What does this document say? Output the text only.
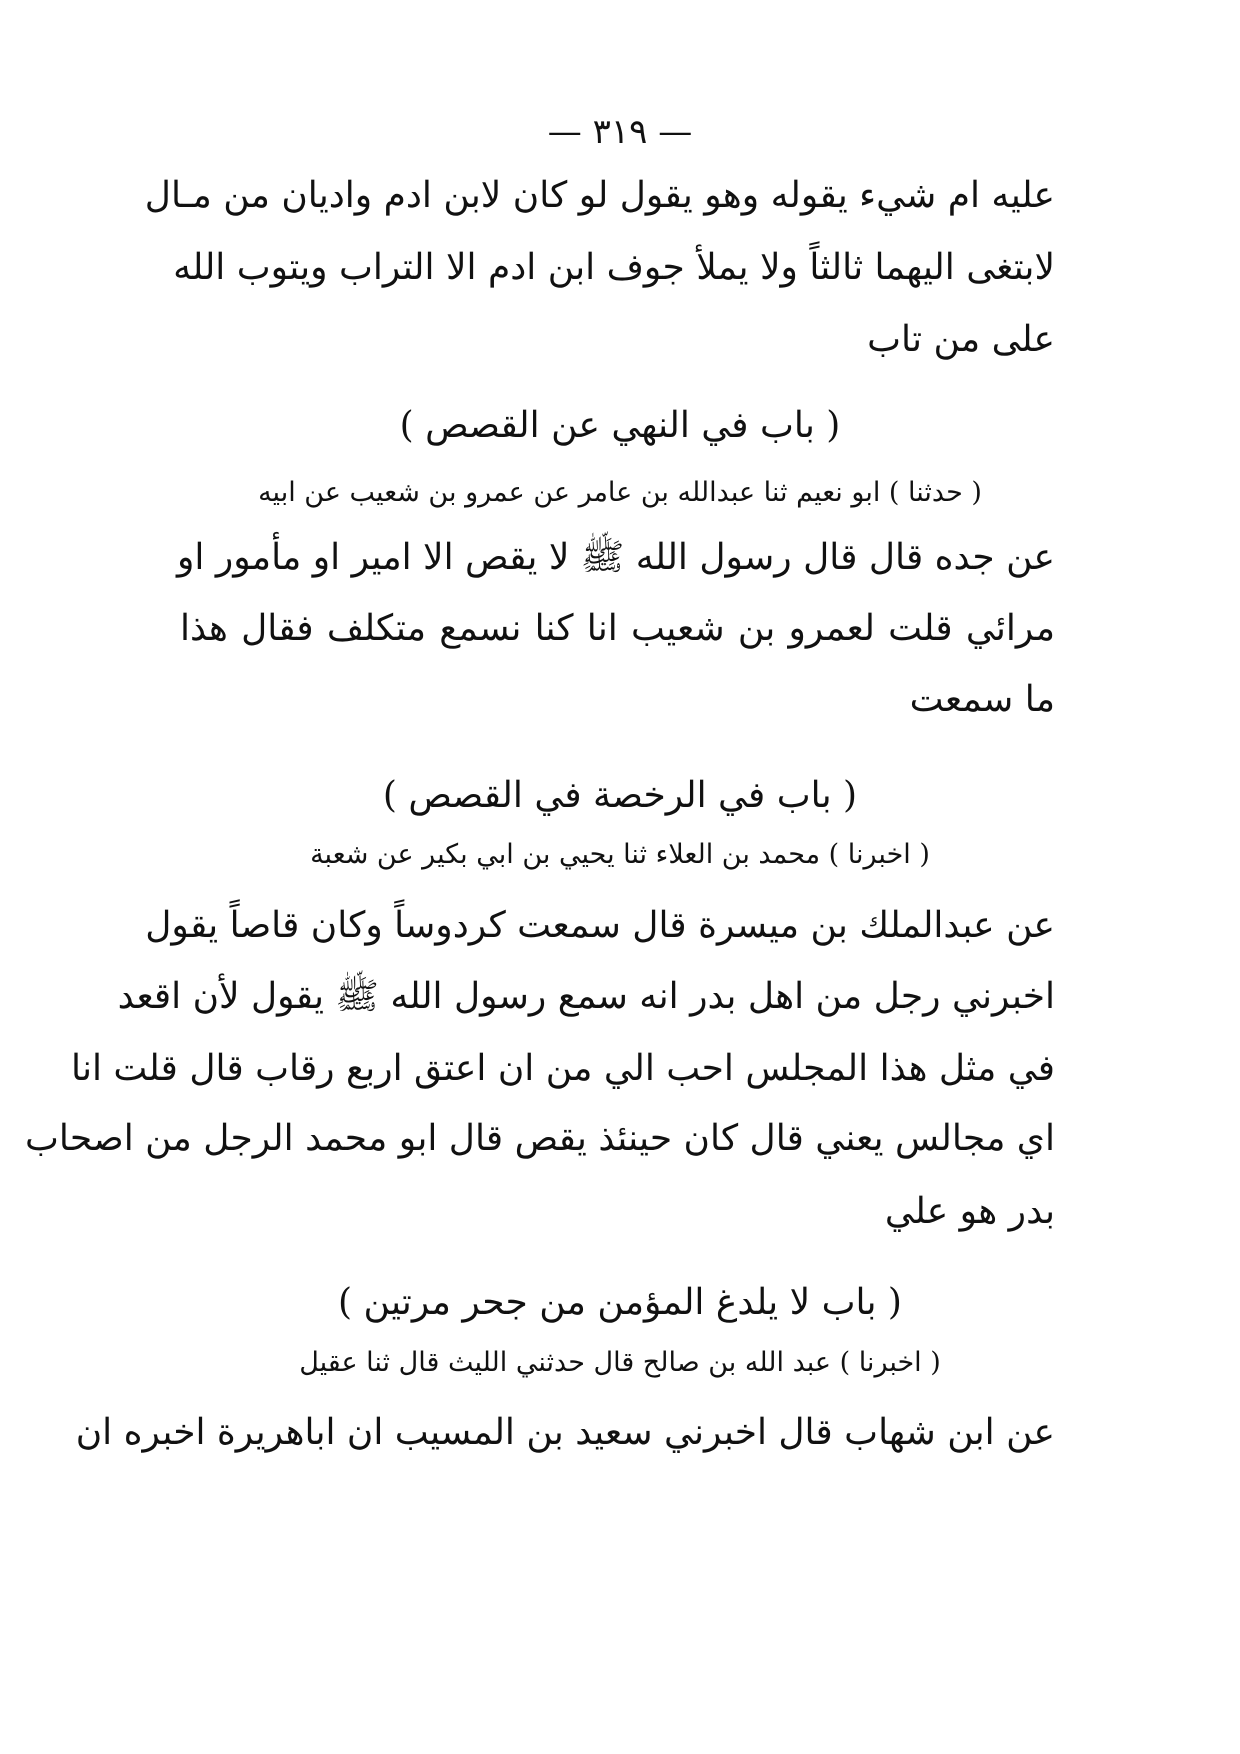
— ٣١٩ —
عليه ام شيء يقوله وهو يقول لو كان لابن ادم واديان من مـال
لابتغى اليهما ثالثاً ولا يملأ جوف ابن ادم الا التراب ويتوب الله
على من تاب
( باب في النهي عن القصص )
( حدثنا ) ابو نعيم ثنا عبدالله بن عامر عن عمرو بن شعيب عن ابيه
عن جده قال قال رسول الله ﷺ لا يقص الا امير او مأمور او
مرائي قلت لعمرو بن شعيب انا كنا نسمع متكلف فقال هذا
ما سمعت
( باب في الرخصة في القصص )
( اخبرنا ) محمد بن العلاء ثنا يحيي بن ابي بكير عن شعبة
عن عبدالملك بن ميسرة قال سمعت كردوساً وكان قاصاً يقول
اخبرني رجل من اهل بدر انه سمع رسول الله ﷺ يقول لأن اقعد
في مثل هذا المجلس احب الي من ان اعتق اربع رقاب قال قلت انا
اي مجالس يعني قال كان حينئذ يقص قال ابو محمد الرجل من اصحاب
بدر هو علي
( باب لا يلدغ المؤمن من جحر مرتين )
( اخبرنا ) عبد الله بن صالح قال حدثني الليث قال ثنا عقيل
عن ابن شهاب قال اخبرني سعيد بن المسيب ان اباهريرة اخبره ان
